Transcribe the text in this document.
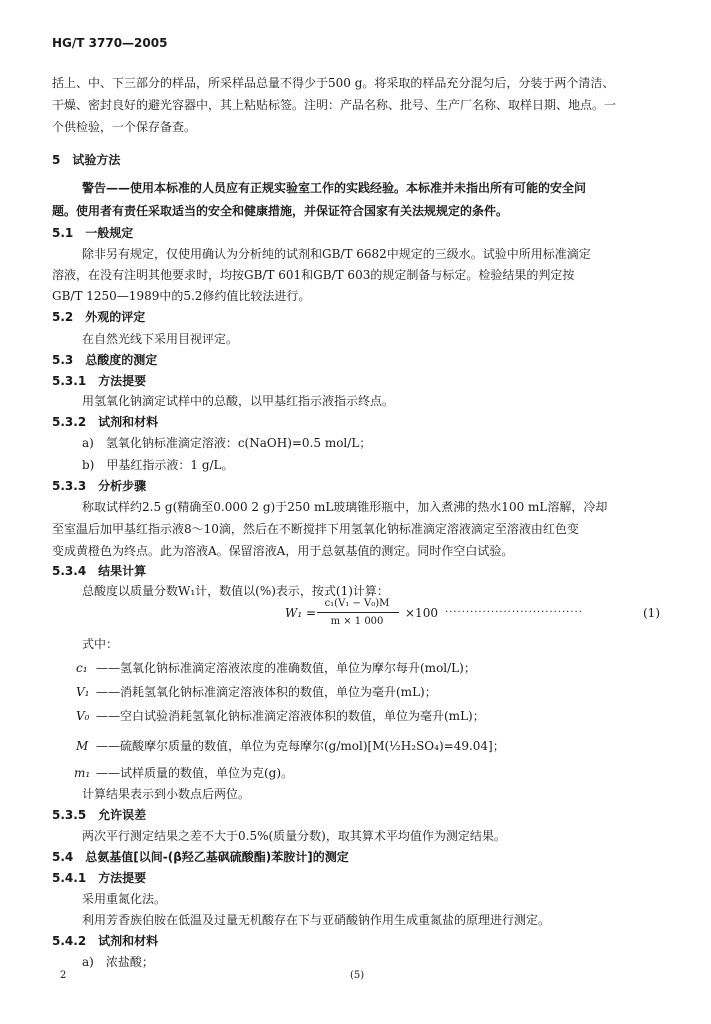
HG/T 3770—2005
括上、中、下三部分的样品，所采样品总量不得少于500 g。将采取的样品充分混匀后，分装于两个清洁、
干燥、密封良好的避光容器中，其上粘贴标签。注明：产品名称、批号、生产厂名称、取样日期、地点。一
个供检验，一个保存备查。
5　试验方法
警告——使用本标准的人员应有正规实验室工作的实践经验。本标准并未指出所有可能的安全问
题。使用者有责任采取适当的安全和健康措施，并保证符合国家有关法规规定的条件。
5.1　一般规定
除非另有规定，仅使用确认为分析纯的试剂和GB/T 6682中规定的三级水。试验中所用标准滴定
溶液，在没有注明其他要求时，均按GB/T 601和GB/T 603的规定制备与标定。检验结果的判定按
GB/T 1250—1989中的5.2修约值比较法进行。
5.2　外观的评定
在自然光线下采用目视评定。
5.3　总酸度的测定
5.3.1　方法提要
用氢氧化钠滴定试样中的总酸，以甲基红指示液指示终点。
5.3.2　试剂和材料
a)　氢氧化钠标准滴定溶液：c(NaOH)=0.5 mol/L；
b)　甲基红指示液：1 g/L。
5.3.3　分析步骤
称取试样约2.5 g(精确至0.000 2 g)于250 mL玻璃锥形瓶中，加入煮沸的热水100 mL溶解，冷却
至室温后加甲基红指示液8～10滴，然后在不断搅拌下用氢氧化钠标准滴定溶液滴定至溶液由红色变
变成黄橙色为终点。此为溶液A。保留溶液A，用于总氨基值的测定。同时作空白试验。
5.3.4　结果计算
总酸度以质量分数W₁计，数值以(%)表示，按式(1)计算：
W₁ =
c₁(V₁ − V₀)M
m × 1 000
×100 ·································	(1)
式中：
c₁ ——氢氧化钠标准滴定溶液浓度的准确数值，单位为摩尔每升(mol/L)；
V₁ ——消耗氢氧化钠标准滴定溶液体积的数值，单位为毫升(mL)；
V₀ ——空白试验消耗氢氧化钠标准滴定溶液体积的数值，单位为毫升(mL)；
M ——硫酸摩尔质量的数值，单位为克每摩尔(g/mol)[M(½H₂SO₄)=49.04]；
m₁ ——试样质量的数值，单位为克(g)。
计算结果表示到小数点后两位。
5.3.5　允许误差
两次平行测定结果之差不大于0.5%(质量分数)，取其算术平均值作为测定结果。
5.4　总氨基值[以间-(β羟乙基砜硫酸酯)苯胺计]的测定
5.4.1　方法提要
采用重氮化法。
利用芳香族伯胺在低温及过量无机酸存在下与亚硝酸钠作用生成重氮盐的原理进行测定。
5.4.2　试剂和材料
a)　浓盐酸；
2	(5)
